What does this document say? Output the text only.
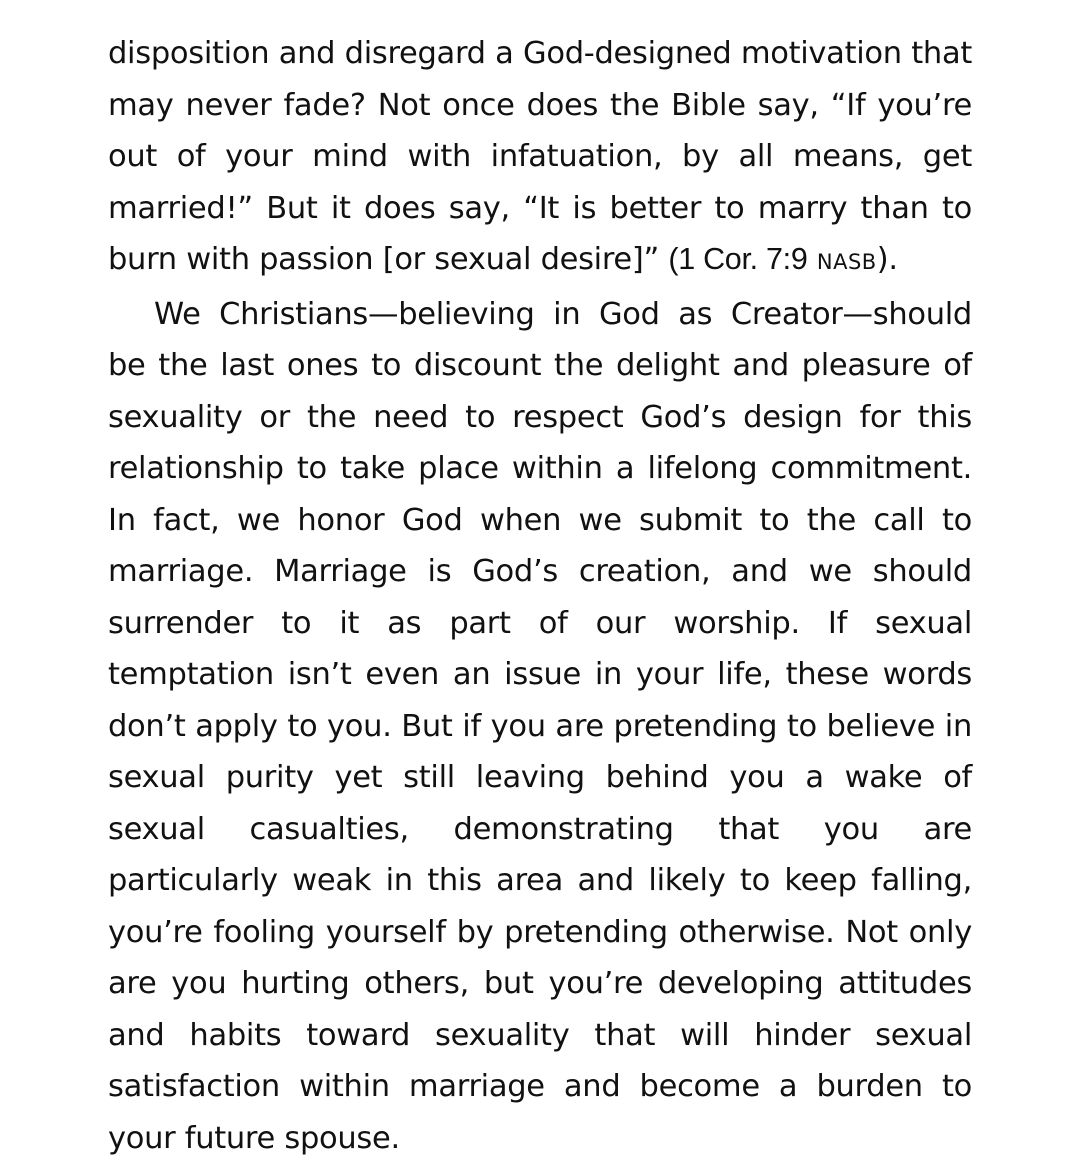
disposition and disregard a God-designed motivation that may never fade? Not once does the Bible say, “If you’re out of your mind with infatuation, by all means, get married!” But it does say, “It is better to marry than to burn with passion [or sexual desire]” (1 Cor. 7:9 NASB).

We Christians—believing in God as Creator—should be the last ones to discount the delight and pleasure of sexuality or the need to respect God’s design for this relationship to take place within a lifelong commitment. In fact, we honor God when we submit to the call to marriage. Marriage is God’s creation, and we should surrender to it as part of our worship. If sexual temptation isn’t even an issue in your life, these words don’t apply to you. But if you are pretending to believe in sexual purity yet still leaving behind you a wake of sexual casualties, demonstrating that you are particularly weak in this area and likely to keep falling, you’re fooling yourself by pretending otherwise. Not only are you hurting others, but you’re developing attitudes and habits toward sexuality that will hinder sexual satisfaction within marriage and become a burden to your future spouse.
